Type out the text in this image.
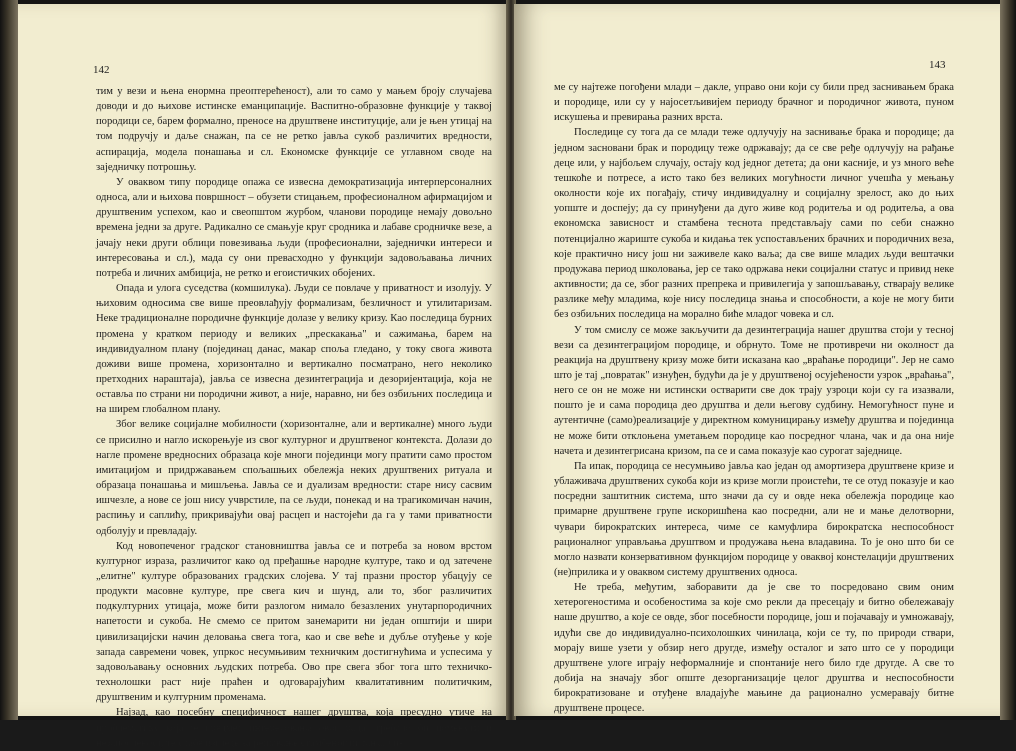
142

тим у вези и њена енормна преоптерећеност), али то само у мањем броју случајева доводи и до њихове истинске еманципације. Васпитно-образовне функције у таквој породици се, барем формално, преносе на друштвене институције, али је њен утицај на том подручју и даље снажан, па се не ретко јавља сукоб различитих вредности, аспирација, модела понашања и сл. Економске функције се углавном своде на заједничку потрошњу.

У оваквом типу породице опажа се извесна демократизација интерперсоналних односа, али и њихова површност – обузети стицањем, професионалном афирмацијом и друштвеним успехом, као и свеопштом журбом, чланови породице немају довољно времена једни за друге. Радикално се смањује круг сродника и лабаве сродничке везе, а јачају неки други облици повезивања људи (професионални, заједнички интереси и интересовања и сл.), мада су они превасходно у функцији задовољавања личних потреба и личних амбиција, не ретко и егоистичких обојених.

Опада и улога суседства (комшилука). Људи се повлаче у приватност и изолују. У њиховим односима све више преовлађују формализам, безличност и утилитаризам. Неке традиционалне породичне функције долазе у велику кризу. Као последица бурних промена у кратком периоду и великих „прескакања" и сажимања, барем на индивидуалном плану (појединац данас, макар споља гледано, у току свога живота доживи више промена, хоризонтално и вертикално посматрано, него неколико претходних нараштаја), јавља се извесна дезинтеграција и дезоријентација, која не оставља по страни ни породични живот, а није, наравно, ни без озбиљних последица и на ширем глобалном плану.

Због велике социјалне мобилности (хоризонталне, али и вертикалне) много људи се присилно и нагло искорењује из свог културног и друштвеног контекста. Долази до нагле промене вредносних образаца које многи појединци могу пратити само простом имитацијом и придржавањем спољашњих обележја неких друштвених ритуала и образаца понашања и мишљења. Јавља се и дуализам вредности: старе нису сасвим ишчезле, а нове се још нису учврстиле, па се људи, понекад и на трагикомичан начин, распињу и саплићу, прикривајући овај расцеп и настојећи да га у тами приватности одболују и превладају.

Код новопеченог градског становништва јавља се и потреба за новом врстом културног израза, различитог како од пређашње народне културе, тако и од затечене „елитне" културе образованих градских слојева. У тај празни простор убацују се продукти масовне културе, пре свега кич и шунд, али то, због различитих подкултурних утицаја, може бити разлогом нимало безазлених унутарпородичних напетости и сукоба. Не смемо се притом занемарити ни један општији и шири цивилизацијски начин деловања свега тога, као и све веће и дубље отуђење у које запада савремени човек, упркос несумњивим техничким достигнућима и успесима у задовољавању основних људских потреба. Ово пре свега због тога што техничко-технолошки раст није праћен и одговарајућим квалитативним политичким, друштвеним и културним променама.

Најзад, као посебну специфичност нашег друштва, која пресудно утиче на проблематику која је предмет интересовања овог рада, требало би поменути и незапосленост, те слабе изгледе за решавање стамбеног питања, чи-

143

ме су најтеже погођени млади – дакле, управо они који су били пред заснивањем брака и породице, или су у најосетљивијем периоду брачног и породичног живота, пуном искушења и превирања разних врста.

Последице су тога да се млади теже одлучују на заснивање брака и породице; да једном засновани брак и породицу теже одржавају; да се све ређе одлучују на рађање деце или, у најбољем случају, остају код једног детета; да они касније, и уз много веће тешкоће и потресе, а исто тако без великих могућности личног учешћа у мењању околности које их погађају, стичу индивидуалну и социјалну зрелост, ако до њих уопште и доспеју; да су принуђени да дуго живе код родитеља и од родитеља, а ова економска зависност и стамбена теснота представљају сами по себи снажно потенцијално жариште сукоба и кидања тек успостављених брачних и породичних веза, које практично нису још ни заживеле како ваља; да све више младих људи вештачки продужава период школовања, јер се тако одржава неки социјални статус и привид неке активности; да се, због разних препрека и привилегија у запошљавању, стварају велике разлике међу младима, које нису последица знања и способности, а које не могу бити без озбиљних последица на морално биће младог човека и сл.

У том смислу се може закључити да дезинтеграција нашег друштва стоји у тесној вези са дезинтеграцијом породице, и обрнуто. Томе не противречи ни околност да реакција на друштвену кризу може бити исказана као „враћање породици". Јер не само што је тај „повратак" изнуђен, будући да је у друштвеној осујећености узрок „враћања", него се он не може ни истински остварити све док трају узроци који су га изазвали, пошто је и сама породица део друштва и дели његову судбину. Немогућност пуне и аутентичне (само)реализације у директном комуницирању између друштва и појединца не може бити отклоњена уметањем породице као посредног члана, чак и да она није начета и дезинтегрисана кризом, па се и сама показује као сурогат заједнице.

Па ипак, породица се несумњиво јавља као један од амортизера друштвене кризе и ублаживача друштвених сукоба који из кризе могли проистећи, те се отуд показује и као посредни заштитник система, што значи да су и овде нека обележја породице као примарне друштвене групе искоришћена као посредни, али не и мање делотворни, чувари бирократских интереса, чиме се камуфлира бирократска неспособност рационалног управљања друштвом и продужава њена владавина. То је оно што би се могло назвати конзервативном функцијом породице у оваквој констелацији друштвених (не)прилика и у оваквом систему друштвених односа.

Не треба, међутим, заборавити да је све то посредовано свим оним хетерогеностима и особеностима за које смо рекли да пресецају и битно обележавају наше друштво, а које се овде, због посебности породице, још и појачавају и умножавају, идући све до индивидуално-психолошких чинилаца, који се ту, по природи ствари, морају више узети у обзир него другде, између осталог и зато што се у породици друштвене улоге играју неформалније и спонтаније него било где другде. А све то добија на значају због опште дезорганизације целог друштва и неспособности бирократизоване и отуђене владајуће мањине да рационално усмеравају битне друштвене процесе.
